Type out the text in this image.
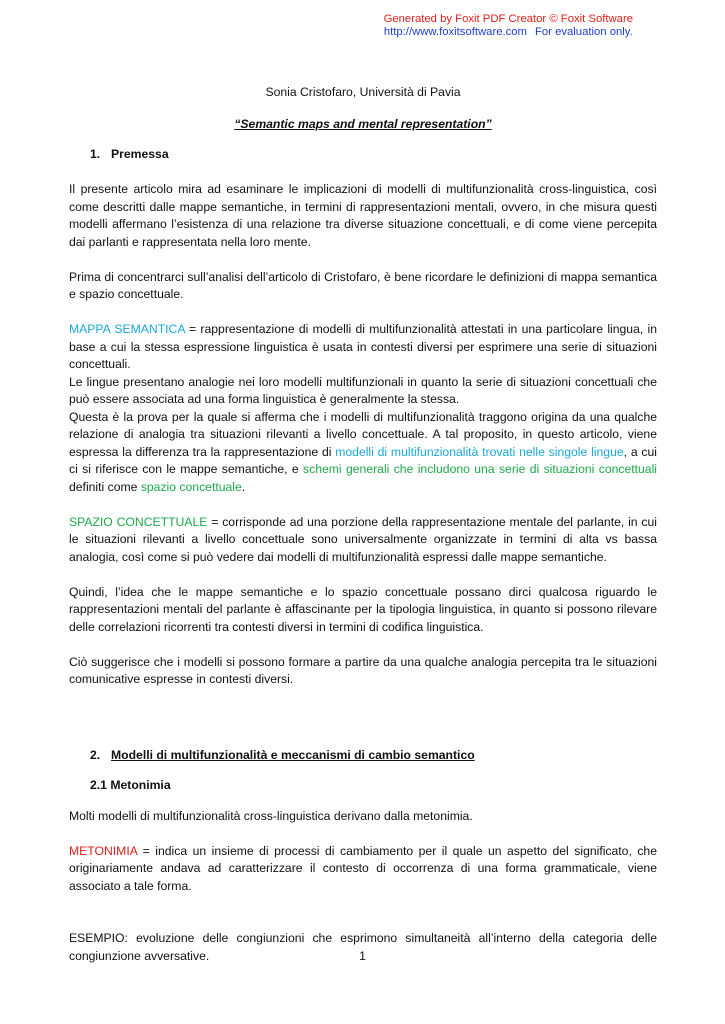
Generated by Foxit PDF Creator © Foxit Software
http://www.foxitsoftware.com For evaluation only.

Sonia Cristofaro, Università di Pavia

“Semantic maps and mental representation”

1. Premessa

Il presente articolo mira ad esaminare le implicazioni di modelli di multifunzionalità cross-linguistica, così come descritti dalle mappe semantiche, in termini di rappresentazioni mentali, ovvero, in che misura questi modelli affermano l’esistenza di una relazione tra diverse situazione concettuali, e di come viene percepita dai parlanti e rappresentata nella loro mente.

Prima di concentrarci sull’analisi dell’articolo di Cristofaro, è bene ricordare le definizioni di mappa semantica e spazio concettuale.

MAPPA SEMANTICA = rappresentazione di modelli di multifunzionalità attestati in una particolare lingua, in base a cui la stessa espressione linguistica è usata in contesti diversi per esprimere una serie di situazioni concettuali.

Le lingue presentano analogie nei loro modelli multifunzionali in quanto la serie di situazioni concettuali che può essere associata ad una forma linguistica è generalmente la stessa.

Questa è la prova per la quale si afferma che i modelli di multifunzionalità traggono origina da una qualche relazione di analogia tra situazioni rilevanti a livello concettuale. A tal proposito, in questo articolo, viene espressa la differenza tra la rappresentazione di modelli di multifunzionalità trovati nelle singole lingue, a cui ci si riferisce con le mappe semantiche, e schemi generali che includono una serie di situazioni concettuali definiti come spazio concettuale.

SPAZIO CONCETTUALE = corrisponde ad una porzione della rappresentazione mentale del parlante, in cui le situazioni rilevanti a livello concettuale sono universalmente organizzate in termini di alta vs bassa analogia, così come si può vedere dai modelli di multifunzionalità espressi dalle mappe semantiche.

Quindi, l’idea che le mappe semantiche e lo spazio concettuale possano dirci qualcosa riguardo le rappresentazioni mentali del parlante è affascinante per la tipologia linguistica, in quanto si possono rilevare delle correlazioni ricorrenti tra contesti diversi in termini di codifica linguistica.

Ciò suggerisce che i modelli si possono formare a partire da una qualche analogia percepita tra le situazioni comunicative espresse in contesti diversi.

2. Modelli di multifunzionalità e meccanismi di cambio semantico

2.1 Metonimia

Molti modelli di multifunzionalità cross-linguistica derivano dalla metonimia.

METONIMIA = indica un insieme di processi di cambiamento per il quale un aspetto del significato, che originariamente andava ad caratterizzare il contesto di occorrenza di una forma grammaticale, viene associato a tale forma.

ESEMPIO: evoluzione delle congiunzioni che esprimono simultaneità all’interno della categoria delle congiunzione avversative.	1
